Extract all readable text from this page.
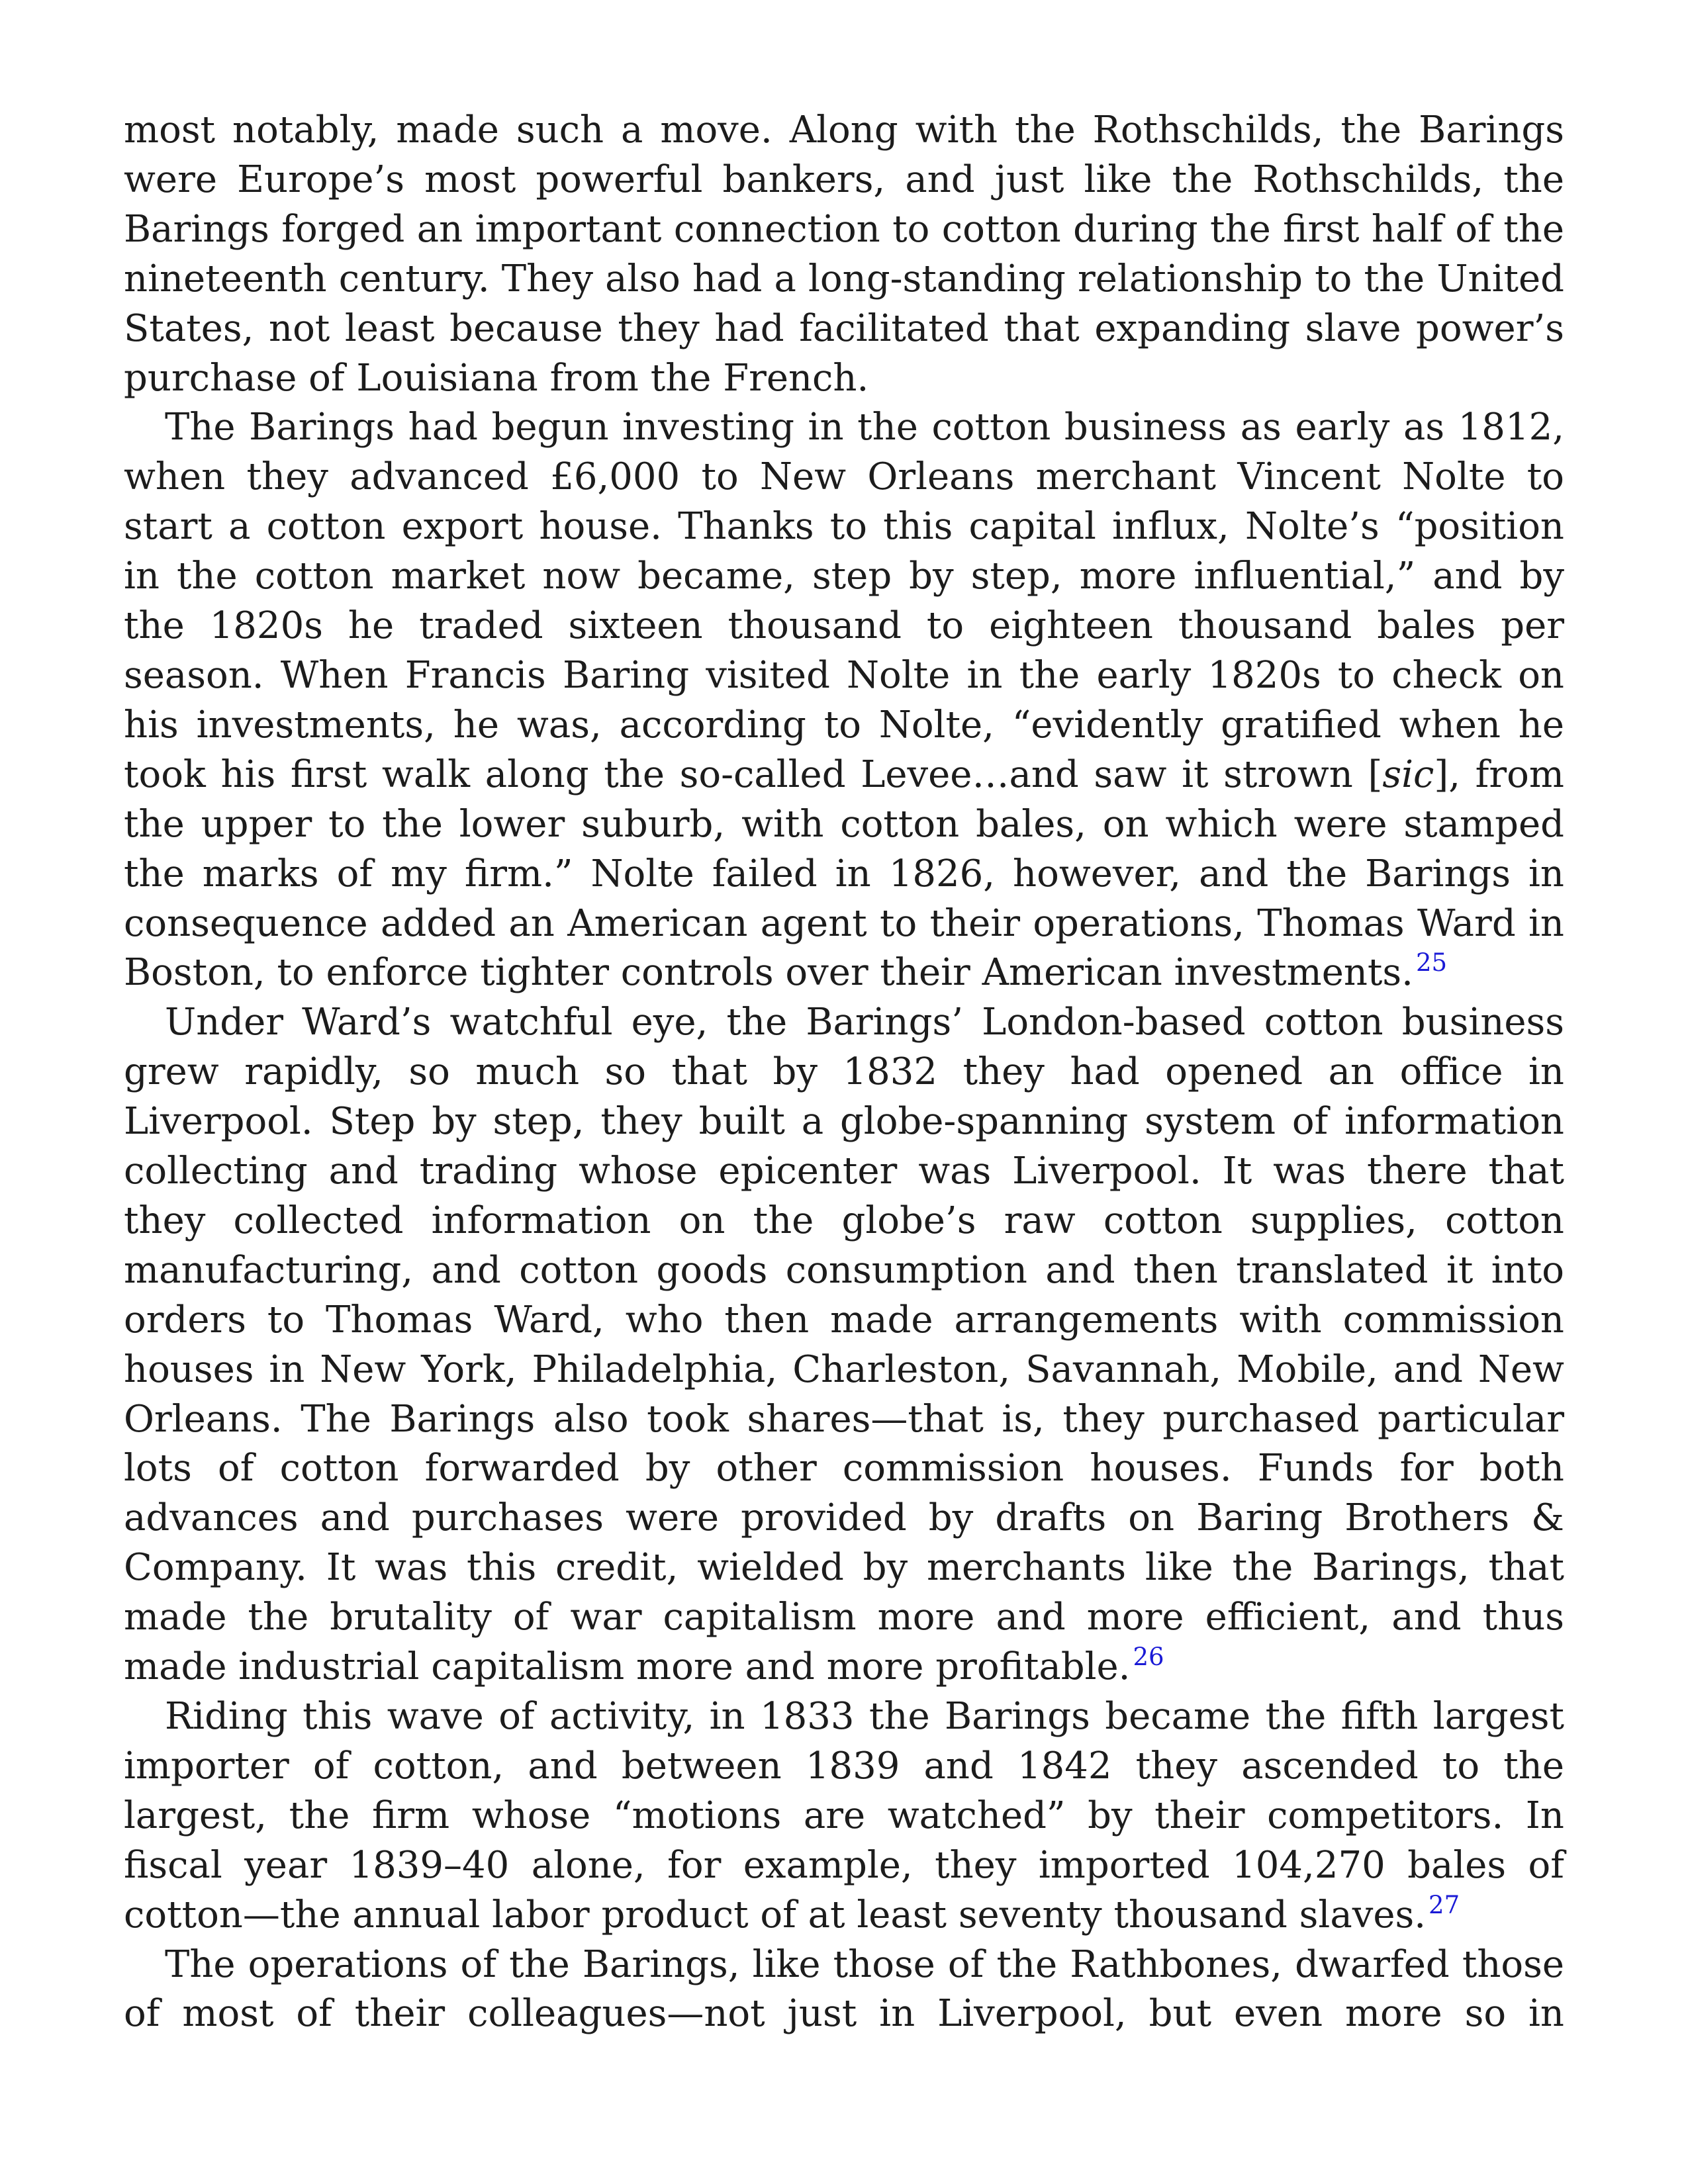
most notably, made such a move. Along with the Rothschilds, the Barings were Europe’s most powerful bankers, and just like the Rothschilds, the Barings forged an important connection to cotton during the first half of the nineteenth century. They also had a long-standing relationship to the United States, not least because they had facilitated that expanding slave power’s purchase of Louisiana from the French.

The Barings had begun investing in the cotton business as early as 1812, when they advanced £6,000 to New Orleans merchant Vincent Nolte to start a cotton export house. Thanks to this capital influx, Nolte’s “position in the cotton market now became, step by step, more influential,” and by the 1820s he traded sixteen thousand to eighteen thousand bales per season. When Francis Baring visited Nolte in the early 1820s to check on his investments, he was, according to Nolte, “evidently gratified when he took his first walk along the so-called Levee…and saw it strown [sic], from the upper to the lower suburb, with cotton bales, on which were stamped the marks of my firm.” Nolte failed in 1826, however, and the Barings in consequence added an American agent to their operations, Thomas Ward in Boston, to enforce tighter controls over their American investments. $^{25}$

Under Ward’s watchful eye, the Barings’ London-based cotton business grew rapidly, so much so that by 1832 they had opened an office in Liverpool. Step by step, they built a globe-spanning system of information collecting and trading whose epicenter was Liverpool. It was there that they collected information on the globe’s raw cotton supplies, cotton manufacturing, and cotton goods consumption and then translated it into orders to Thomas Ward, who then made arrangements with commission houses in New York, Philadelphia, Charleston, Savannah, Mobile, and New Orleans. The Barings also took shares—that is, they purchased particular lots of cotton forwarded by other commission houses. Funds for both advances and purchases were provided by drafts on Baring Brothers & Company. It was this credit, wielded by merchants like the Barings, that made the brutality of war capitalism more and more efficient, and thus made industrial capitalism more and more profitable. $^{26}$

Riding this wave of activity, in 1833 the Barings became the fifth largest importer of cotton, and between 1839 and 1842 they ascended to the largest, the firm whose “motions are watched” by their competitors. In fiscal year 1839–40 alone, for example, they imported 104,270 bales of cotton—the annual labor product of at least seventy thousand slaves. $^{27}$

The operations of the Barings, like those of the Rathbones, dwarfed those of most of their colleagues—not just in Liverpool, but even more so in
